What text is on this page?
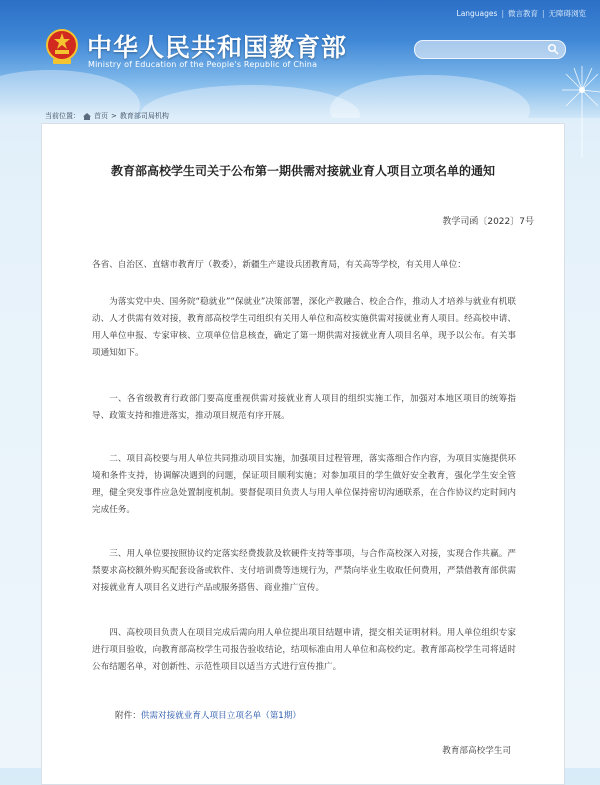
Languages | 微言教育 | 无障碍浏览
中华人民共和国教育部
Ministry of Education of the People's Republic of China
当前位置： 首页 > 教育部司局机构
教育部高校学生司关于公布第一期供需对接就业育人项目立项名单的通知
教学司函〔2022〕7号
各省、自治区、直辖市教育厅（教委），新疆生产建设兵团教育局，有关高等学校，有关用人单位：
为落实党中央、国务院“稳就业”“保就业”决策部署，深化产教融合、校企合作，推动人才培养与就业有机联动、人才供需有效对接，教育部高校学生司组织有关用人单位和高校实施供需对接就业育人项目。经高校申请、用人单位申报、专家审核、立项单位信息核查，确定了第一期供需对接就业育人项目名单，现予以公布。有关事项通知如下。
一、各省级教育行政部门要高度重视供需对接就业育人项目的组织实施工作，加强对本地区项目的统筹指导、政策支持和推进落实，推动项目规范有序开展。
二、项目高校要与用人单位共同推动项目实施，加强项目过程管理，落实落细合作内容，为项目实施提供环境和条件支持，协调解决遇到的问题，保证项目顺利实施；对参加项目的学生做好安全教育，强化学生安全管理，健全突发事件应急处置制度机制。要督促项目负责人与用人单位保持密切沟通联系，在合作协议约定时间内完成任务。
三、用人单位要按照协议约定落实经费拨款及软硬件支持等事项，与合作高校深入对接，实现合作共赢。严禁要求高校额外购买配套设备或软件、支付培训费等违规行为，严禁向毕业生收取任何费用，严禁借教育部供需对接就业育人项目名义进行产品或服务搭售、商业推广宣传。
四、高校项目负责人在项目完成后需向用人单位提出项目结题申请，提交相关证明材料。用人单位组织专家进行项目验收，向教育部高校学生司报告验收结论，结项标准由用人单位和高校约定。教育部高校学生司将适时公布结题名单，对创新性、示范性项目以适当方式进行宣传推广。
附件：供需对接就业育人项目立项名单（第1期）
教育部高校学生司
